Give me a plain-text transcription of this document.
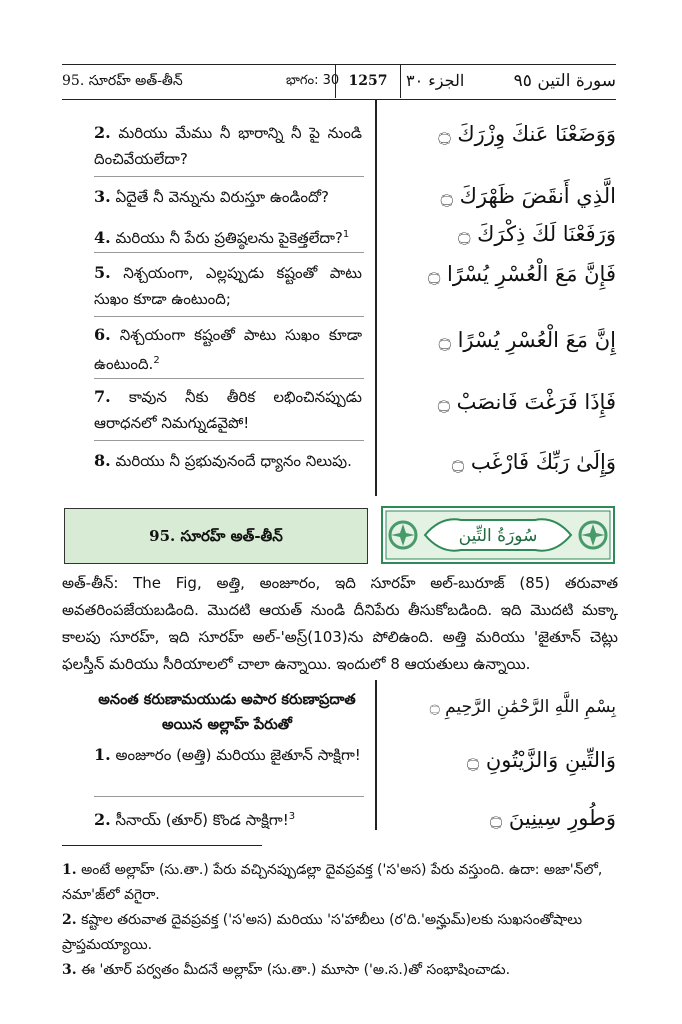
95. సూరహ్ అత్-తీన్	భాగం: 30 1257	الجزء ٣٠	سورة التين ٩٥
2. మరియు మేము నీ భారాన్ని నీ పై నుండి దించివేయలేదా?
وَوَضَعْنَا عَنكَ وِزْرَكَ ۝
3. ఏదైతే నీ వెన్నును విరుస్తూ ఉండిందో?	الَّذِي أَنقَضَ ظَهْرَكَ ۝
4. మరియు నీ పేరు ప్రతిష్ఠలను పైకెత్తలేదా?$^1$	وَرَفَعْنَا لَكَ ذِكْرَكَ ۝
5. నిశ్చయంగా, ఎల్లప్పుడు కష్టంతో పాటు సుఖం కూడా ఉంటుంది;
فَإِنَّ مَعَ الْعُسْرِ يُسْرًا ۝
6. నిశ్చయంగా కష్టంతో పాటు సుఖం కూడా ఉంటుంది.$^2$
إِنَّ مَعَ الْعُسْرِ يُسْرًا ۝
7. కావున నీకు తీరిక లభించినప్పుడు ఆరాధనలో నిమగ్నుడవైపో!
فَإِذَا فَرَغْتَ فَانصَبْ ۝
8. మరియు నీ ప్రభువునందే ధ్యానం నిలుపు.	وَإِلَىٰ رَبِّكَ فَارْغَب ۝
95. సూరహ్ అత్-తీన్	سُورَةُ التِّين

అత్-తీన్: The Fig, అత్తి, అంజూరం, ఇది సూరహ్ అల్-బురూజ్ (85) తరువాత అవతరింపజేయబడింది. మొదటి ఆయత్ నుండి దీనిపేరు తీసుకోబడింది. ఇది మొదటి మక్కా కాలపు సూరహ్, ఇది సూరహ్ అల్-'అస్ర్(103)ను పోలిఉంది. అత్తి మరియు 'జైతూన్ చెట్లు ఫలస్తీన్ మరియు సీరియాలలో చాలా ఉన్నాయి. ఇందులో 8 ఆయతులు ఉన్నాయి.

అనంత కరుణామయుడు అపార కరుణాప్రదాత అయిన అల్లాహ్ పేరుతో
بِسْمِ اللَّهِ الرَّحْمَٰنِ الرَّحِيمِ ۝
1. అంజూరం (అత్తి) మరియు జైతూన్ సాక్షిగా!	وَالتِّينِ وَالزَّيْتُونِ ۝
2. సీనాయ్ (తూర్) కొండ సాక్షిగా!$^3$	وَطُورِ سِينِينَ ۝
1. అంటే అల్లాహ్ (సు.తా.) పేరు వచ్చినప్పుడల్లా దైవప్రవక్త ('స'అస) పేరు వస్తుంది. ఉదా: అజా'న్‌లో, నమా'జ్‌లో వగైరా.
2. కష్టాల తరువాత దైవప్రవక్త ('స'అస) మరియు 'స'హాబీలు (ర'ది.'అన్హుమ్)లకు సుఖసంతోషాలు ప్రాప్తమయ్యాయి.
3. ఈ 'తూర్ పర్వతం మీదనే అల్లాహ్ (సు.తా.) మూసా ('అ.స.)తో సంభాషించాడు.
